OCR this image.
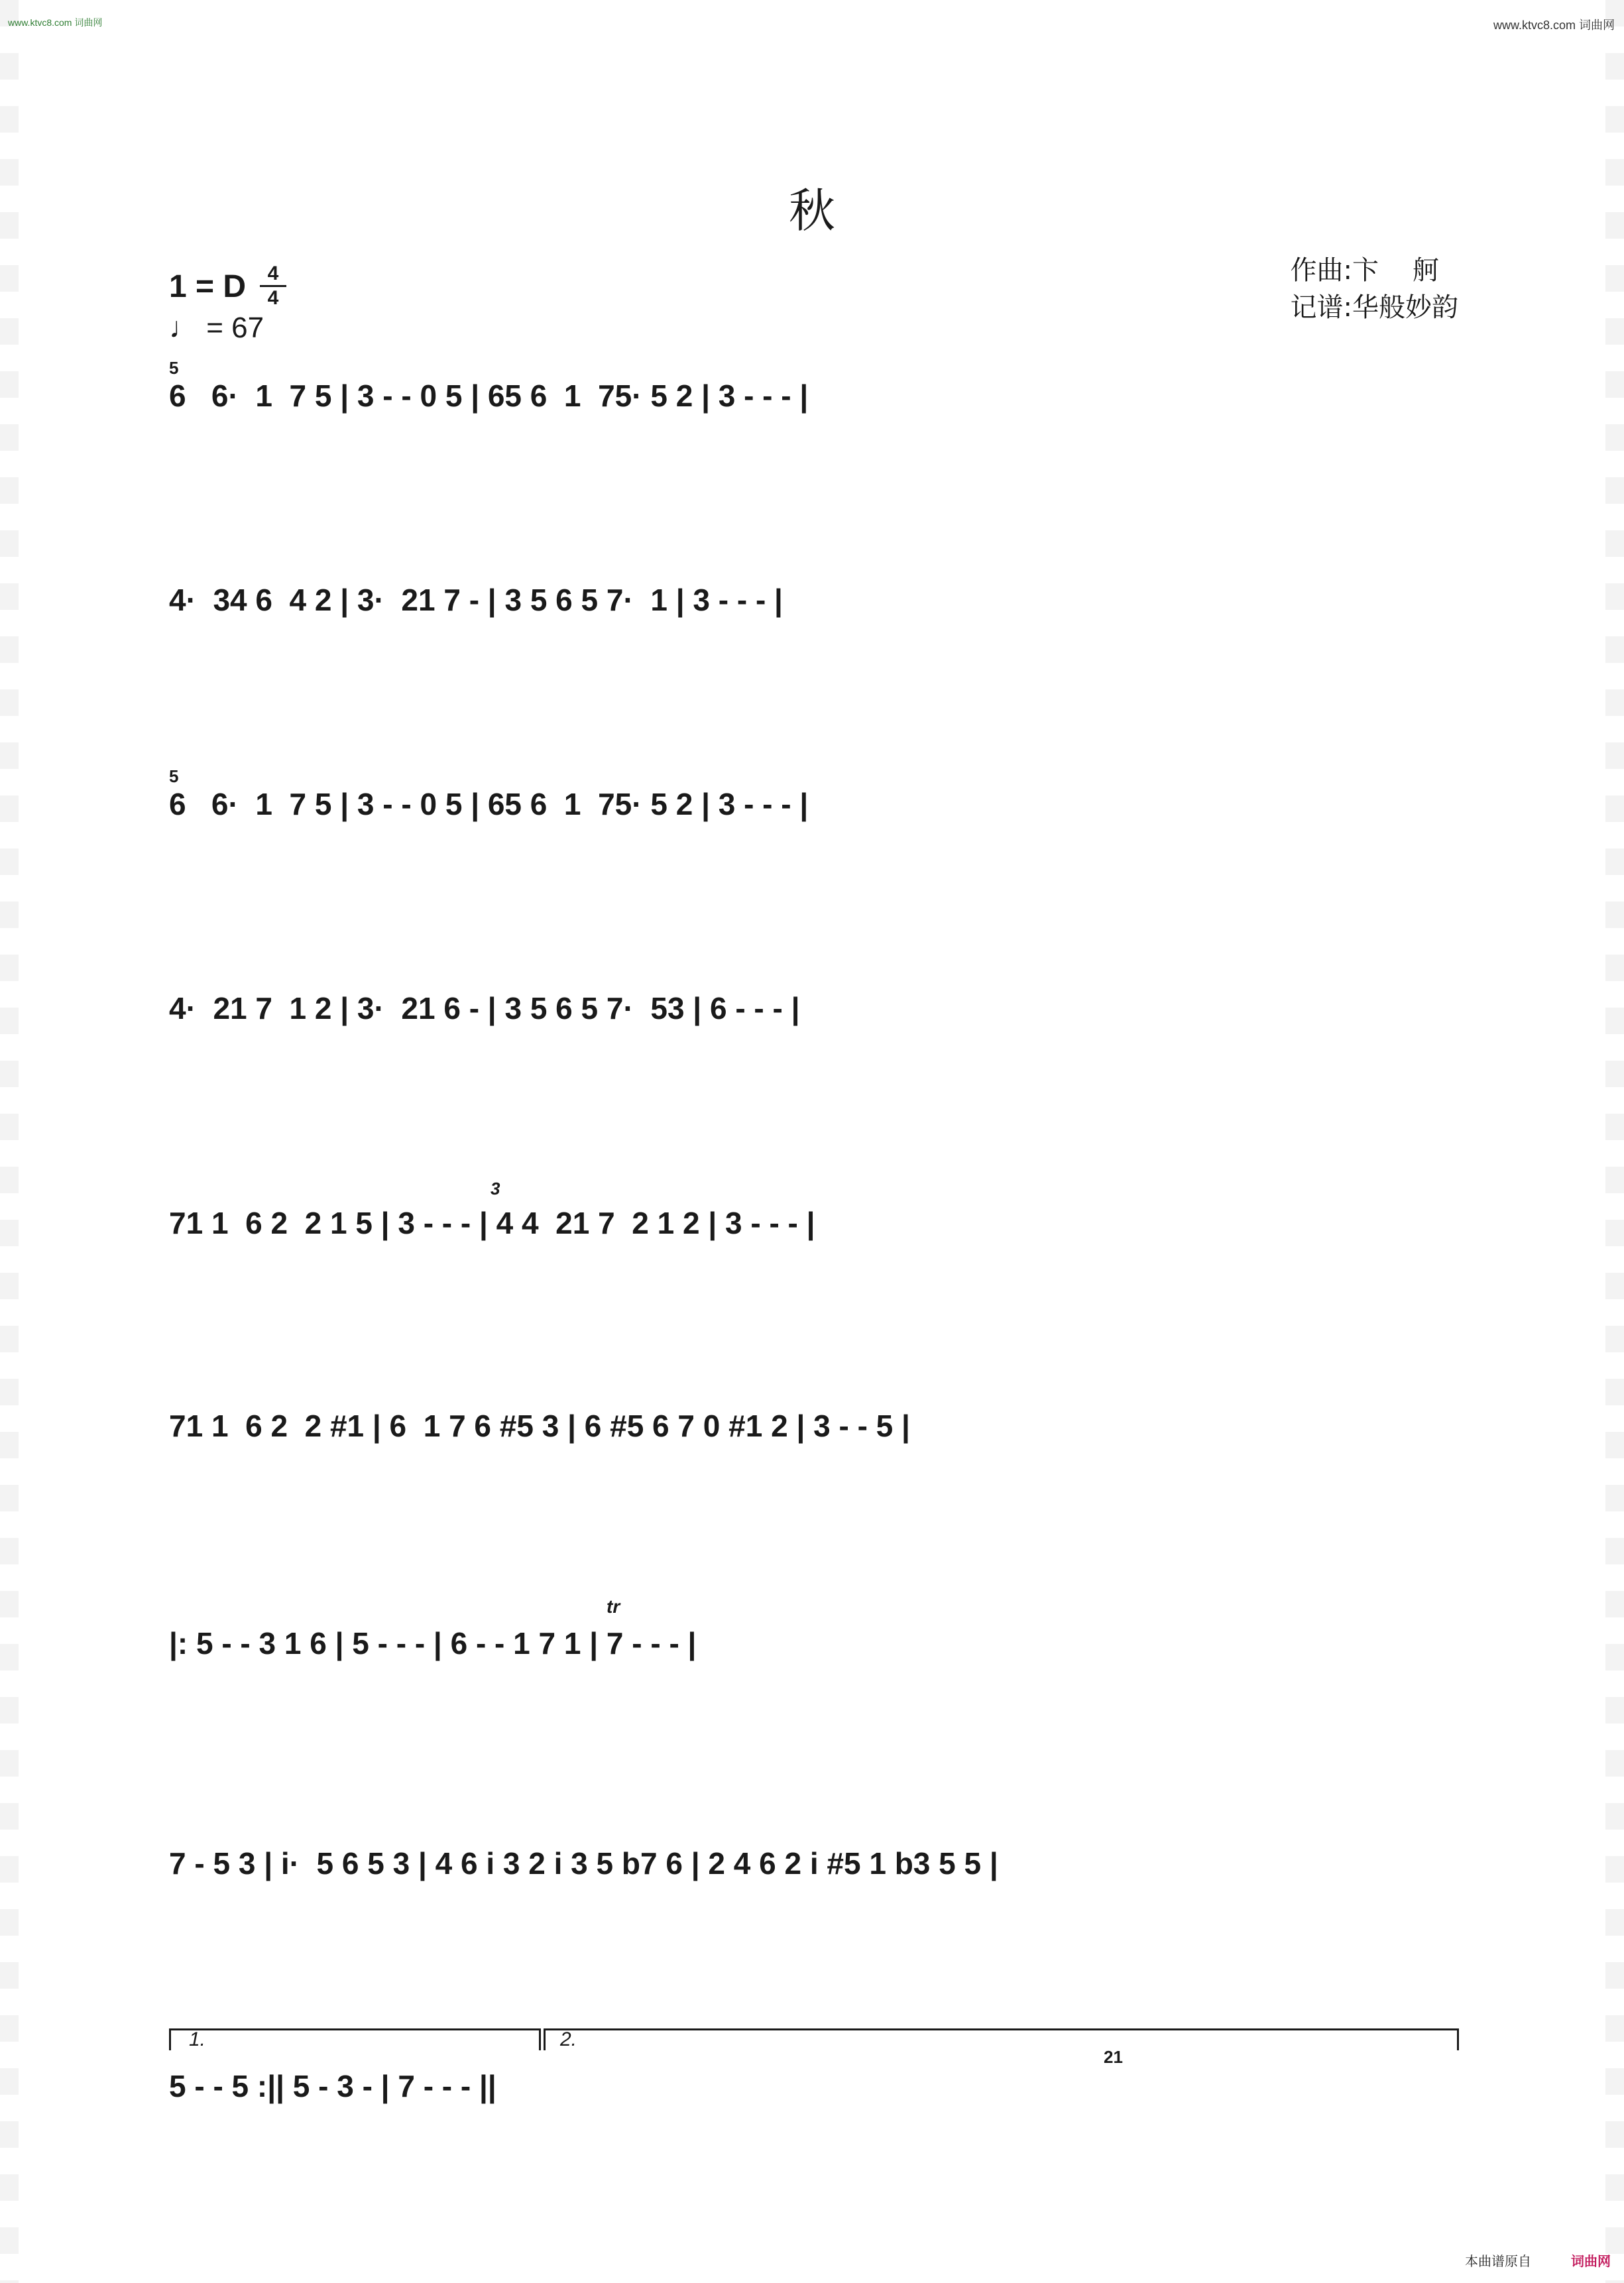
www.ktvc8.com 词曲网	www.ktvc8.com 词曲网
秋
1 = D	4
4
♩ = 67
作曲:卞    舸
记谱:华般妙韵
5
6   6·  1  7 5 | 3 - - 0 5 | 65 6  1  75· 5 2 | 3 - - - |
4·  34 6  4 2 | 3·  21 7 - | 3 5 6 5 7·  1 | 3 - - - |
5
6   6·  1  7 5 | 3 - - 0 5 | 65 6  1  75· 5 2 | 3 - - - |
4·  21 7  1 2 | 3·  21 6 - | 3 5 6 5 7·  53 | 6 - - - |
3
71 1  6 2  2 1 5 | 3 - - - | 4 4  21 7  2 1 2 | 3 - - - |
71 1  6 2  2 #1 | 6  1 7 6 #5 3 | 6 #5 6 7 0 #1 2 | 3 - - 5 |
tr
|: 5 - - 3 1 6 | 5 - - - | 6 - - 1 7 1 | 7 - - - |
7 - 5 3 | i·  5 6 5 3 | 4 6 i 3 2 i 3 5 b7 6 | 2 4 6 2 i #5 1 b3 5 5 |
1.	2.
21
5 - - 5 :|| 5 - 3 - | 7 - - - ||
本曲谱原自	词曲网
